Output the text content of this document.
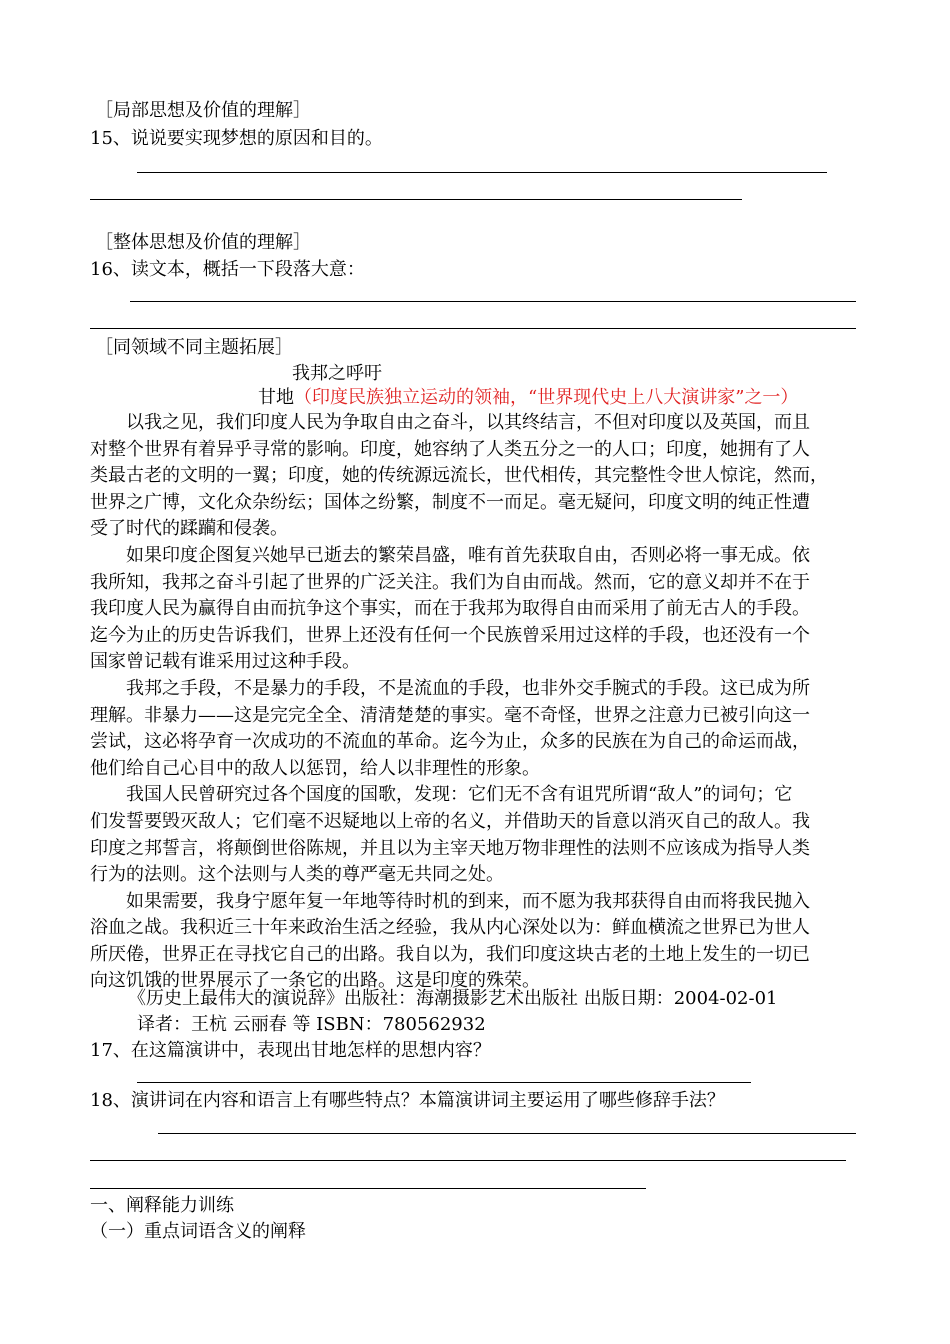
［局部思想及价值的理解］
15、说说要实现梦想的原因和目的。
［整体思想及价值的理解］
16、读文本，概括一下段落大意：
［同领域不同主题拓展］
我邦之呼吁
甘地（印度民族独立运动的领袖，“世界现代史上八大演讲家”之一）
　　以我之见，我们印度人民为争取自由之奋斗，以其终结言，不但对印度以及英国，而且
对整个世界有着异乎寻常的影响。印度，她容纳了人类五分之一的人口；印度，她拥有了人
类最古老的文明的一翼；印度，她的传统源远流长，世代相传，其完整性令世人惊诧，然而，
世界之广博，文化众杂纷纭；国体之纷繁，制度不一而足。毫无疑问，印度文明的纯正性遭
受了时代的蹂躏和侵袭。
　　如果印度企图复兴她早已逝去的繁荣昌盛，唯有首先获取自由，否则必将一事无成。依
我所知，我邦之奋斗引起了世界的广泛关注。我们为自由而战。然而，它的意义却并不在于
我印度人民为赢得自由而抗争这个事实，而在于我邦为取得自由而采用了前无古人的手段。
迄今为止的历史告诉我们，世界上还没有任何一个民族曾采用过这样的手段，也还没有一个
国家曾记载有谁采用过这种手段。
　　我邦之手段，不是暴力的手段，不是流血的手段，也非外交手腕式的手段。这已成为所
理解。非暴力——这是完完全全、清清楚楚的事实。毫不奇怪，世界之注意力已被引向这一
尝试，这必将孕育一次成功的不流血的革命。迄今为止，众多的民族在为自己的命运而战，
他们给自己心目中的敌人以惩罚，给人以非理性的形象。
　　我国人民曾研究过各个国度的国歌，发现：它们无不含有诅咒所谓“敌人”的词句；它
们发誓要毁灭敌人；它们毫不迟疑地以上帝的名义，并借助天的旨意以消灭自己的敌人。我
印度之邦誓言，将颠倒世俗陈规，并且以为主宰天地万物非理性的法则不应该成为指导人类
行为的法则。这个法则与人类的尊严毫无共同之处。
　　如果需要，我身宁愿年复一年地等待时机的到来，而不愿为我邦获得自由而将我民抛入
浴血之战。我积近三十年来政治生活之经验，我从内心深处以为：鲜血横流之世界已为世人
所厌倦，世界正在寻找它自己的出路。我自以为，我们印度这块古老的土地上发生的一切已
向这饥饿的世界展示了一条它的出路。这是印度的殊荣。
《历史上最伟大的演说辞》出版社：海潮摄影艺术出版社 出版日期：2004-02-01
译者：王杭 云丽春 等 ISBN：780562932
17、在这篇演讲中，表现出甘地怎样的思想内容？
18、演讲词在内容和语言上有哪些特点？本篇演讲词主要运用了哪些修辞手法？
一、阐释能力训练
（一）重点词语含义的阐释
